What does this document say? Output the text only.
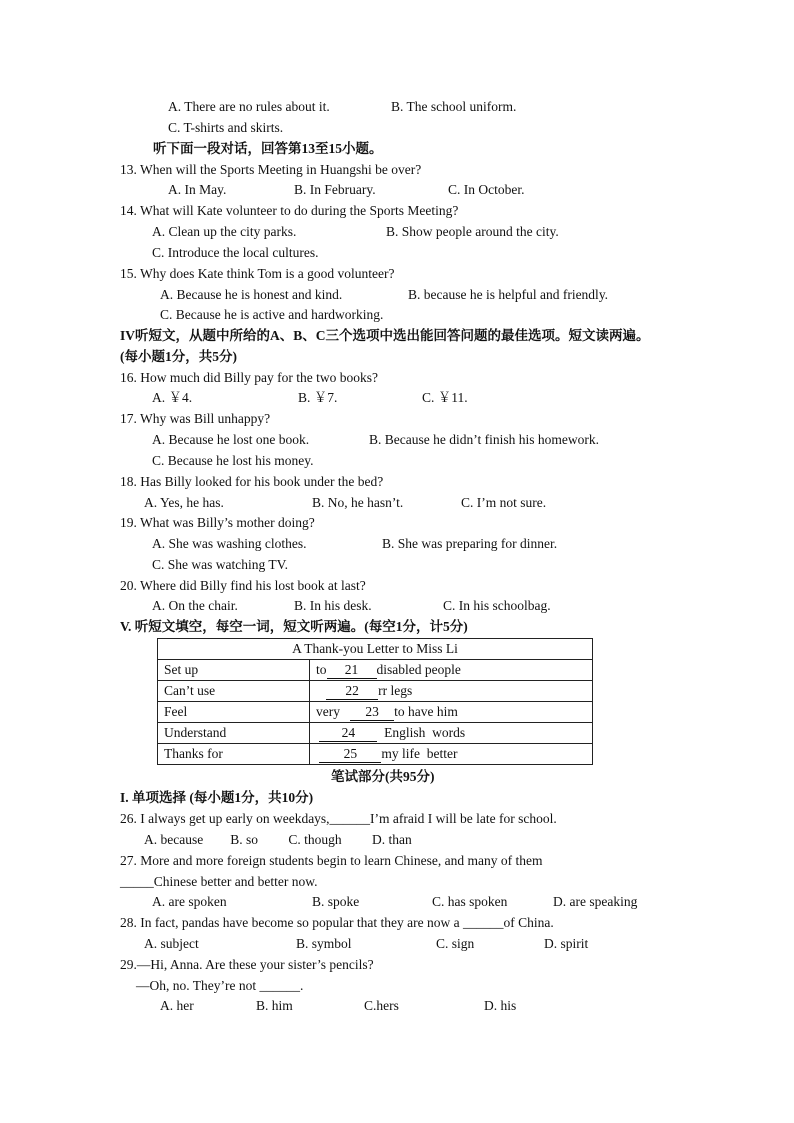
A. There are no rules about it.	B. The school uniform.
C. T-shirts and skirts.
听下面一段对话，回答第13至15小题。
13. When will the Sports Meeting in Huangshi be over?
A. In May.	B. In February.	C. In October.
14. What will Kate volunteer to do during the Sports Meeting?
A. Clean up the city parks.	B. Show people around the city.
C. Introduce the local cultures.
15. Why does Kate think Tom is a good volunteer?
A. Because he is honest and kind.	B. because he is helpful and friendly.
C. Because he is active and hardworking.
IV听短文，从题中所给的A、B、C三个选项中选出能回答问题的最佳选项。短文读两遍。
(每小题1分，共5分)
16. How much did Billy pay for the two books?
A. ￥4.	B. ￥7.	C. ￥11.
17. Why was Bill unhappy?
A. Because he lost one book.	B. Because he didn’t finish his homework.
C. Because he lost his money.
18. Has Billy looked for his book under the bed?
A. Yes, he has.	B. No, he hasn’t.	C. I’m not sure.
19. What was Billy’s mother doing?
A. She was washing clothes.	B. She was preparing for dinner.
C. She was watching TV.
20. Where did Billy find his lost book at last?
A. On the chair.	B. In his desk.	C. In his schoolbag.
V. 听短文填空，每空一词，短文听两遍。(每空1分，计5分)
A Thank-you Letter to Miss Li	
Set up	to 21 disabled people
Can’t use	22 rr legs
Feel	very   23 to have him
Understand	24 English  words
Thanks for	25 my life  better
笔试部分(共95分)
I. 单项选择 (每小题1分，共10分)
26. I always get up early on weekdays,______I’m afraid I will be late for school.
A. because        B. so         C. though         D. than
27. More and more foreign students begin to learn Chinese, and many of them
_____Chinese better and better now.
A. are spoken	B. spoke	C. has spoken	D. are speaking
28. In fact, pandas have become so popular that they are now a ______of China.
A. subject	B. symbol	C. sign	D. spirit
29.—Hi, Anna. Are these your sister’s pencils?
—Oh, no. They’re not ______.
A. her	B. him	C.hers	D. his
